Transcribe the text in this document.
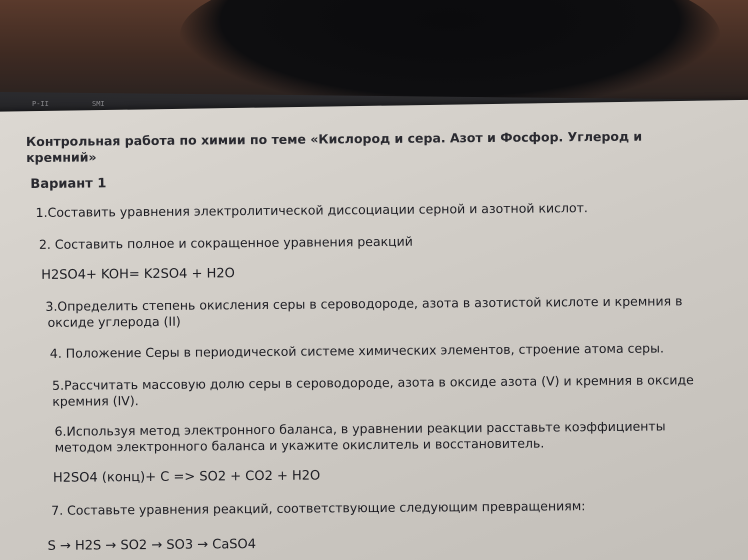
P-II	SMI
Контрольная работа по химии по теме «Кислород и сера. Азот и Фосфор. Углерод и
кремний»
Вариант 1
1.Составить уравнения электролитической диссоциации серной и азотной кислот.
2. Составить полное и сокращенное уравнения реакций
H2SO4+ KOH= K2SO4 + H2O
3.Определить степень окисления серы в сероводороде, азота в азотистой кислоте и кремния в
оксиде углерода (II)
4. Положение Серы в периодической системе химических элементов, строение атома серы.
5.Рассчитать массовую долю серы в сероводороде, азота в оксиде азота (V) и кремния в оксиде
кремния (IV).
6.Используя метод электронного баланса, в уравнении реакции расставьте коэффициенты
методом электронного баланса и укажите окислитель и восстановитель.
H2SO4 (конц)+ C => SO2 + CO2 + H2O
7. Составьте уравнения реакций, соответствующие следующим превращениям:
S → H2S → SO2 → SO3 → CaSO4
